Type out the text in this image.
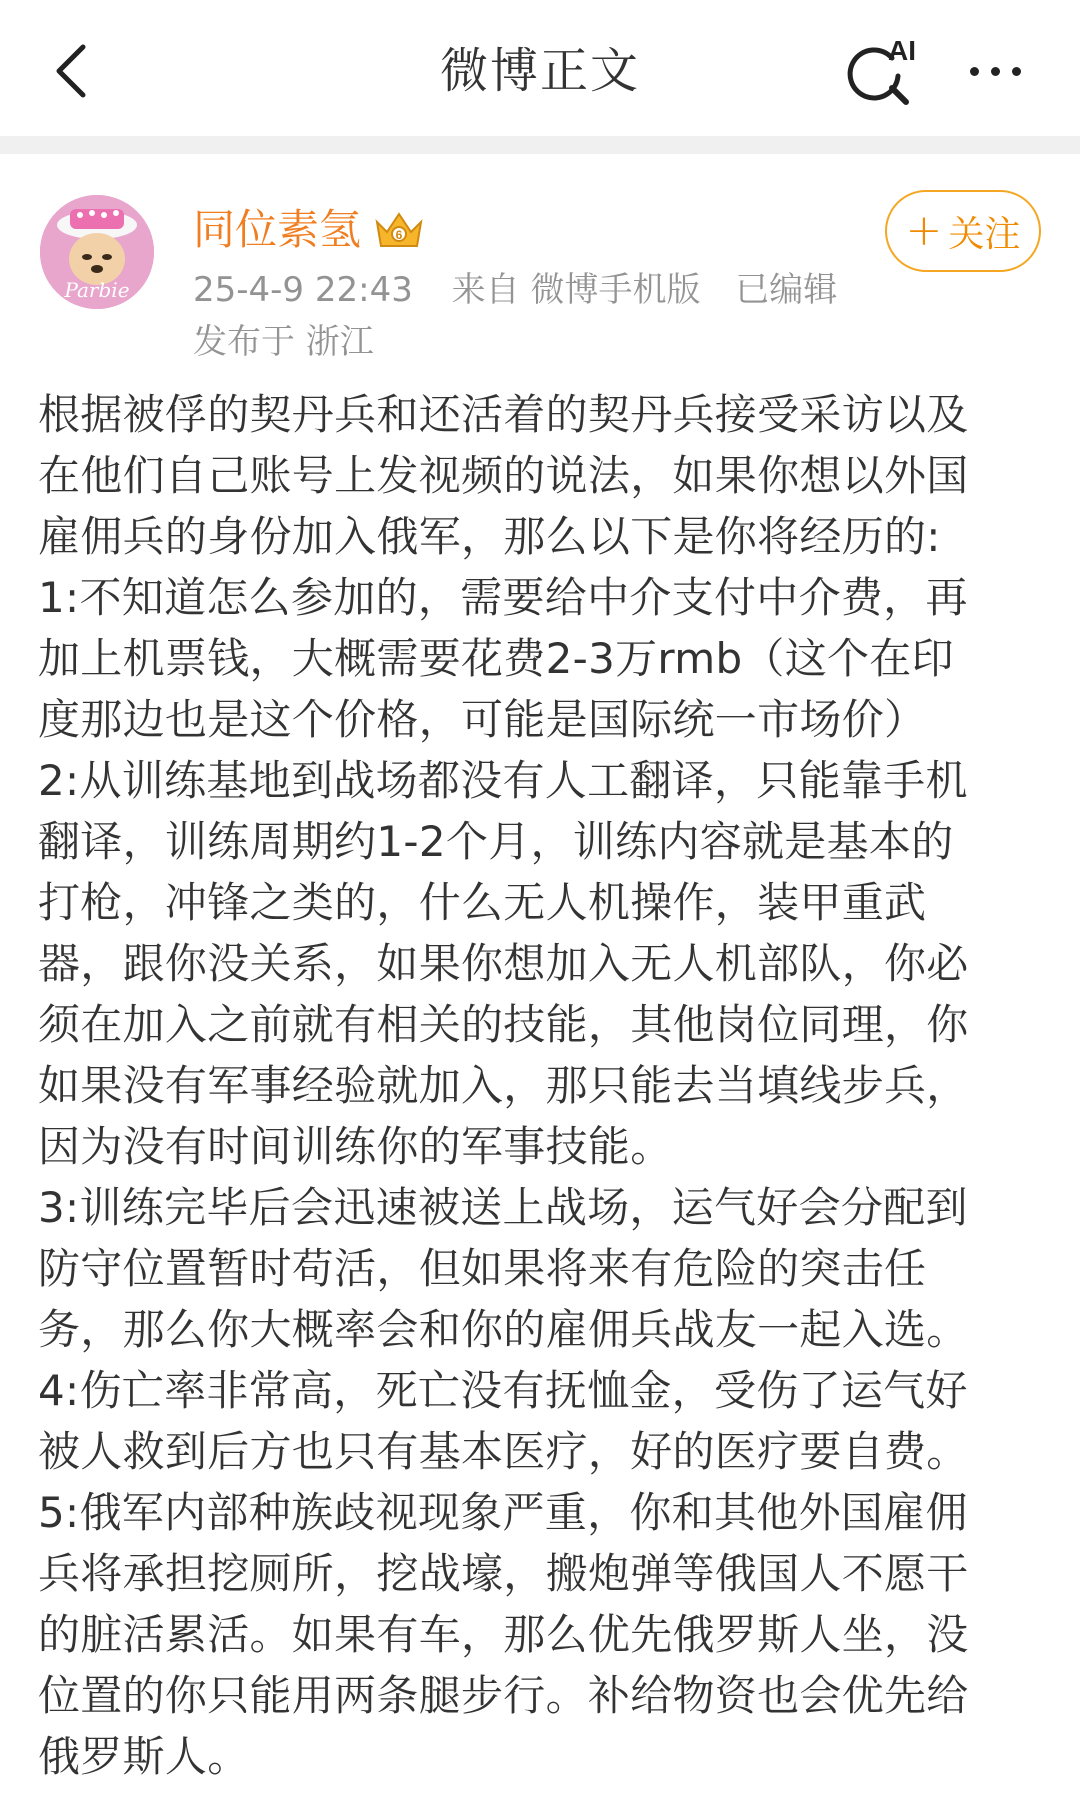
微博正文	AI
Parbie
同位素氢	6
25-4-9 22:43 来自 微博手机版 已编辑
发布于 浙江
+ 关注
根据被俘的契丹兵和还活着的契丹兵接受采访以及
在他们自己账号上发视频的说法，如果你想以外国
雇佣兵的身份加入俄军，那么以下是你将经历的:
1:不知道怎么参加的，需要给中介支付中介费，再
加上机票钱，大概需要花费2-3万rmb（这个在印
度那边也是这个价格，可能是国际统一市场价）
2:从训练基地到战场都没有人工翻译，只能靠手机
翻译，训练周期约1-2个月，训练内容就是基本的
打枪，冲锋之类的，什么无人机操作，装甲重武
器，跟你没关系，如果你想加入无人机部队，你必
须在加入之前就有相关的技能，其他岗位同理，你
如果没有军事经验就加入，那只能去当填线步兵，
因为没有时间训练你的军事技能。
3:训练完毕后会迅速被送上战场，运气好会分配到
防守位置暂时苟活，但如果将来有危险的突击任
务，那么你大概率会和你的雇佣兵战友一起入选。
4:伤亡率非常高，死亡没有抚恤金，受伤了运气好
被人救到后方也只有基本医疗，好的医疗要自费。
5:俄军内部种族歧视现象严重，你和其他外国雇佣
兵将承担挖厕所，挖战壕，搬炮弹等俄国人不愿干
的脏活累活。如果有车，那么优先俄罗斯人坐，没
位置的你只能用两条腿步行。补给物资也会优先给
俄罗斯人。
